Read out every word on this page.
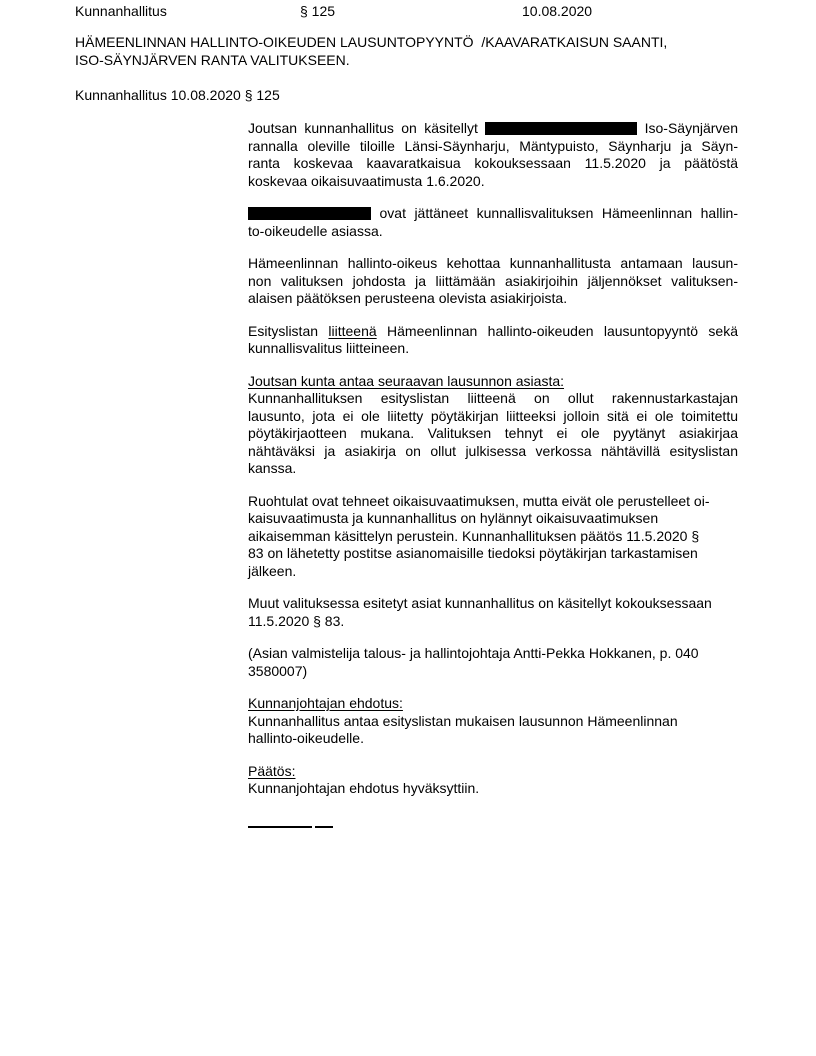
Kunnanhallitus	§ 125	10.08.2020
HÄMEENLINNAN HALLINTO-OIKEUDEN LAUSUNTOPYYNTÖ  /KAAVARATKAISUN SAANTI,
ISO-SÄYNJÄRVEN RANTA VALITUKSEEN.
Kunnanhallitus 10.08.2020 § 125
Joutsan kunnanhallitus on käsitellyt	Iso-Säynjärven
rannalla oleville tiloille Länsi-Säynharju, Mäntypuisto, Säynharju ja Säyn-
ranta koskevaa kaavaratkaisua kokouksessaan 11.5.2020 ja päätöstä
koskevaa oikaisuvaatimusta 1.6.2020.
ovat jättäneet kunnallisvalituksen Hämeenlinnan hallin-
to-oikeudelle asiassa.
Hämeenlinnan hallinto-oikeus kehottaa kunnanhallitusta antamaan lausun-
non valituksen johdosta ja liittämään asiakirjoihin jäljennökset valituksen-
alaisen päätöksen perusteena olevista asiakirjoista.
Esityslistan liitteenä Hämeenlinnan hallinto-oikeuden lausuntopyyntö sekä
kunnallisvalitus liitteineen.
Joutsan kunta antaa seuraavan lausunnon asiasta:
Kunnanhallituksen esityslistan liitteenä on ollut rakennustarkastajan
lausunto, jota ei ole liitetty pöytäkirjan liitteeksi jolloin sitä ei ole toimitettu
pöytäkirjaotteen mukana. Valituksen tehnyt ei ole pyytänyt asiakirjaa
nähtäväksi ja asiakirja on ollut julkisessa verkossa nähtävillä esityslistan
kanssa.
Ruohtulat ovat tehneet oikaisuvaatimuksen, mutta eivät ole perustelleet oi-
kaisuvaatimusta ja kunnanhallitus on hylännyt oikaisuvaatimuksen
aikaisemman käsittelyn perustein. Kunnanhallituksen päätös 11.5.2020 §
83 on lähetetty postitse asianomaisille tiedoksi pöytäkirjan tarkastamisen
jälkeen.
Muut valituksessa esitetyt asiat kunnanhallitus on käsitellyt kokouksessaan
11.5.2020 § 83.
(Asian valmistelija talous- ja hallintojohtaja Antti-Pekka Hokkanen, p. 040
3580007)
Kunnanjohtajan ehdotus:
Kunnanhallitus antaa esityslistan mukaisen lausunnon Hämeenlinnan
hallinto-oikeudelle.
Päätös:
Kunnanjohtajan ehdotus hyväksyttiin.
